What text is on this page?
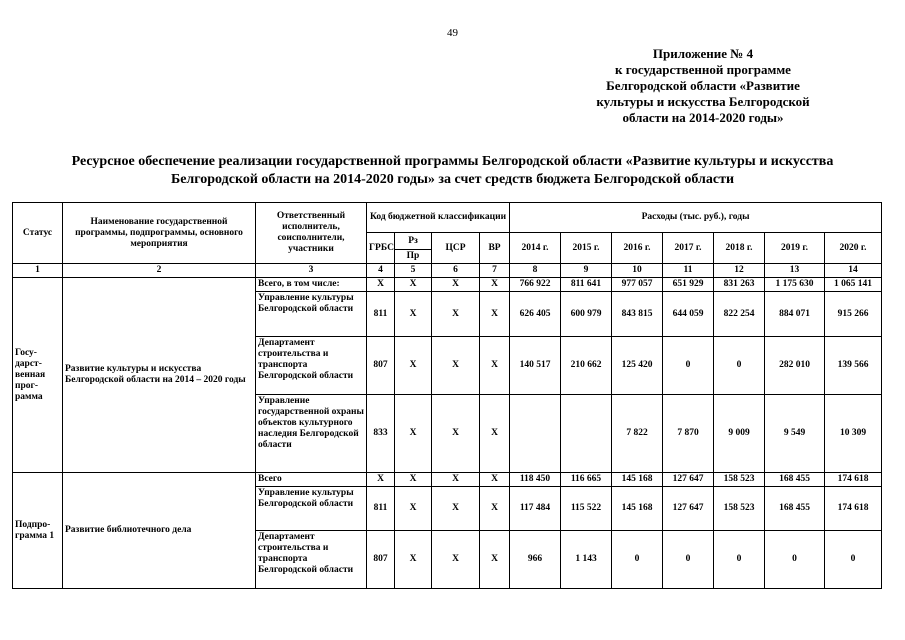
49
Приложение № 4
к государственной программе
Белгородской области «Развитие
культуры и искусства Белгородской
области на 2014-2020 годы»
Ресурсное обеспечение реализации государственной программы Белгородской области «Развитие культуры и искусства
Белгородской области на 2014-2020 годы» за счет средств бюджета Белгородской области
Статус	Наименование государственной программы, подпрограммы, основного мероприятия	Ответственный исполнитель, соисполнители, участники	Код бюджетной классификации				Расходы (тыс. руб.), годы						
			ГРБС	Рз	ЦСР	ВР	2014 г.	2015 г.	2016 г.	2017 г.	2018 г.	2019 г.	2020 г.
				Пр									
1	2	3	4	5	6	7	8	9	10	11	12	13	14
Госу-дарст-венная прог-рамма	Развитие культуры и искусства Белгородской области на 2014 – 2020 годы	Всего, в том числе:	Х	Х	Х	Х	766 922	811 641	977 057	651 929	831 263	1 175 630	1 065 141
		Управление культуры Белгородской области	811	Х	Х	Х	626 405	600 979	843 815	644 059	822 254	884 071	915 266
		Департамент строительства и транспорта Белгородской области	807	Х	Х	Х	140 517	210 662	125 420	0	0	282 010	139 566
		Управление государственной охраны объектов культурного наследия Белгородской области	833	Х	Х	Х			7 822	7 870	9 009	9 549	10 309
Подпро-грамма 1	Развитие библиотечного дела	Всего	Х	Х	Х	Х	118 450	116 665	145 168	127 647	158 523	168 455	174 618
		Управление культуры Белгородской области	811	Х	Х	Х	117 484	115 522	145 168	127 647	158 523	168 455	174 618
		Департамент строительства и транспорта Белгородской области	807	Х	Х	Х	966	1 143	0	0	0	0	0
